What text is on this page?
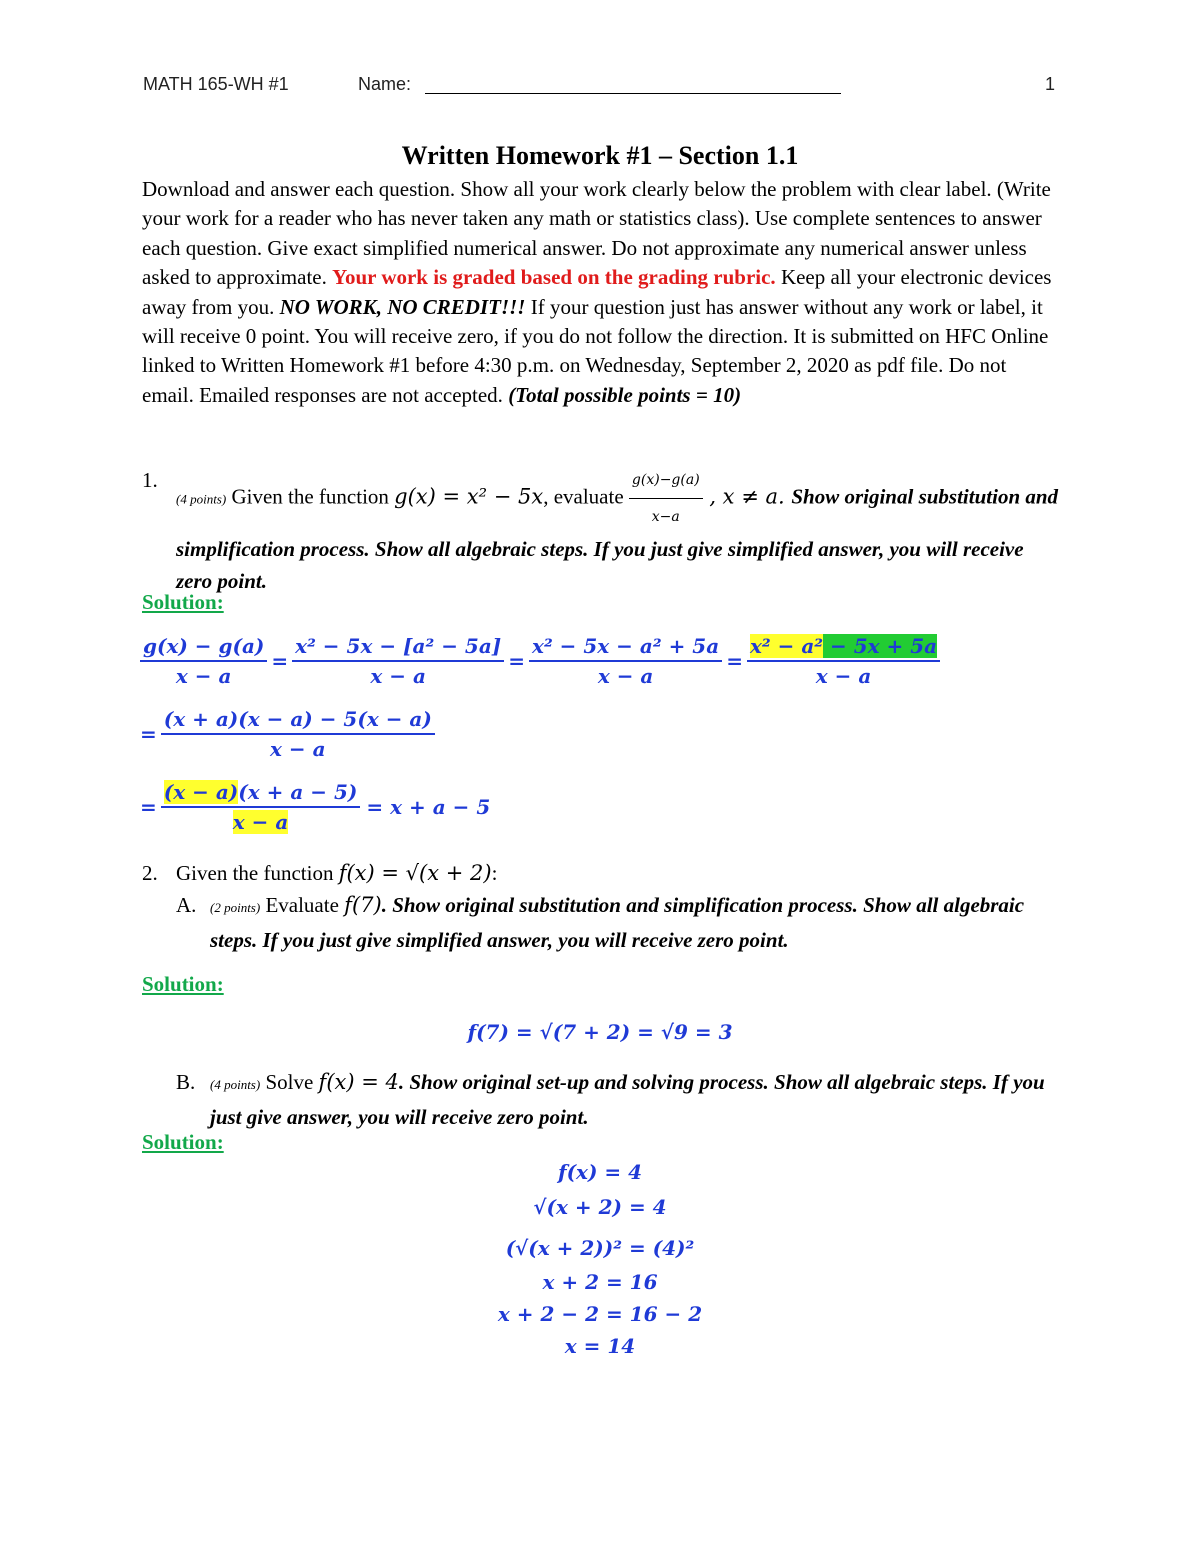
MATH 165-WH #1	Name:	1
Written Homework #1 – Section 1.1
Download and answer each question. Show all your work clearly below the problem with clear label. (Write your work for a reader who has never taken any math or statistics class). Use complete sentences to answer each question. Give exact simplified numerical answer. Do not approximate any numerical answer unless asked to approximate. Your work is graded based on the grading rubric. Keep all your electronic devices away from you. NO WORK, NO CREDIT!!! If your question just has answer without any work or label, it will receive 0 point. You will receive zero, if you do not follow the direction. It is submitted on HFC Online linked to Written Homework #1 before 4:30 p.m. on Wednesday, September 2, 2020 as pdf file. Do not email. Emailed responses are not accepted. (Total possible points = 10)
1.
(4 points) Given the function g(x) = x² − 5x, evaluate $\frac{g(x)-g(a)}{x-a}$ , x ≠ a. Show original substitution and simplification process. Show all algebraic steps. If you just give simplified answer, you will receive zero point.
Solution:
$\frac{g(x) - g(a)}{x - a} = \frac{\text{x² − 5x − [a² − 5a]}}{x - a} = \frac{\text{x² − 5x − a² + 5a}}{x - a} = \frac{\text{x² − a² − 5x + 5a}}{x - a}$
= $\frac{(x + a)(x - a) - 5(x - a)}{x - a}$
= $\frac{(x - a)(x + a - 5)}{x - a} = x + a - 5$
2. Given the function f(x) = √(x + 2):
A. (2 points) Evaluate f(7). Show original substitution and simplification process. Show all algebraic steps. If you just give simplified answer, you will receive zero point.
Solution:
f(7) = √(7 + 2) = √9 = 3
B. (4 points) Solve f(x) = 4. Show original set-up and solving process. Show all algebraic steps. If you just give answer, you will receive zero point.
Solution:
f(x) = 4
√(x + 2) = 4
(√(x + 2))² = (4)²
x + 2 = 16
x + 2 − 2 = 16 − 2
x = 14
